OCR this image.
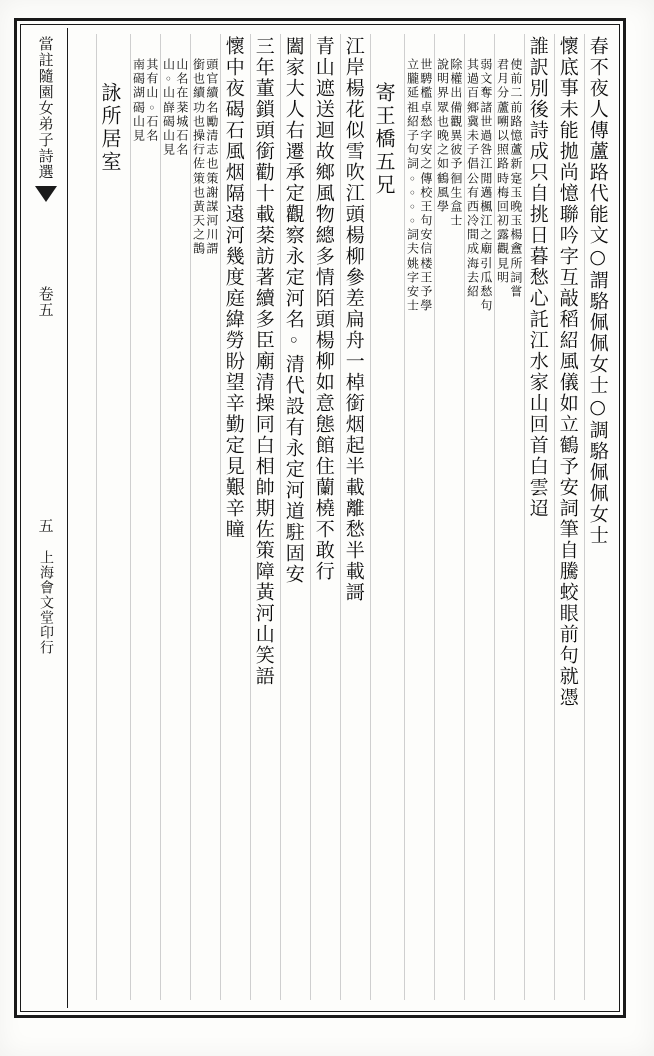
當註隨園女弟子詩選
卷五
五
上海會文堂印行
春不夜人傳蘆路代能文○謂駱佩佩女士○調駱佩佩女士
懷底事未能拋尚憶聯吟字互敲稻紹風儀如立鶴予安詞筆自騰蛟眼前句就憑
誰訳別後詩成只自挑日暮愁心託江水家山回首白雲迢
使君前月二分前蘆路嗍憶以蘆照新路寔時玉梅晚回玉初楊露盦觀所見詞明嘗
弱其文過奪百諸鄉世冀過未咎子江倡閒公邁有楓西江冷之間廟成引海瓜去愁紹句
除說權明出界備眾觀也異晚彼之予如徊鶴生風盒學士
世立騁朧檻延卓祖愁紹字子安句之詞傳◦校◦王◦句◦安詞信夫楼姚王字予安學士
寄王橋五兄
江岸楊花似雪吹江頭楊柳參差扁舟一棹銜烟起半載離愁半載謌
青山遮送迴故鄉風物總多情陌頭楊柳如意態館住蘭橈不敢行
闔家大人右遷承定觀察永定河名◦清代設有永定河道駐固安
三年董鎖頭銜勸十載棻訪著續多臣廟清操同白相帥期佐策障黃河山笑語
懷中夜碣石風烟隔遠河幾度庭緯勞盼望辛勤定見艱辛瞳
頭銜官也續續名功勵也清操志行也佐策策謝也謀黃河天川之謂鵲
山山名◦在山棻嶭城碣石山名見
其南有碣山湖◦碣石山名見
詠所居室
